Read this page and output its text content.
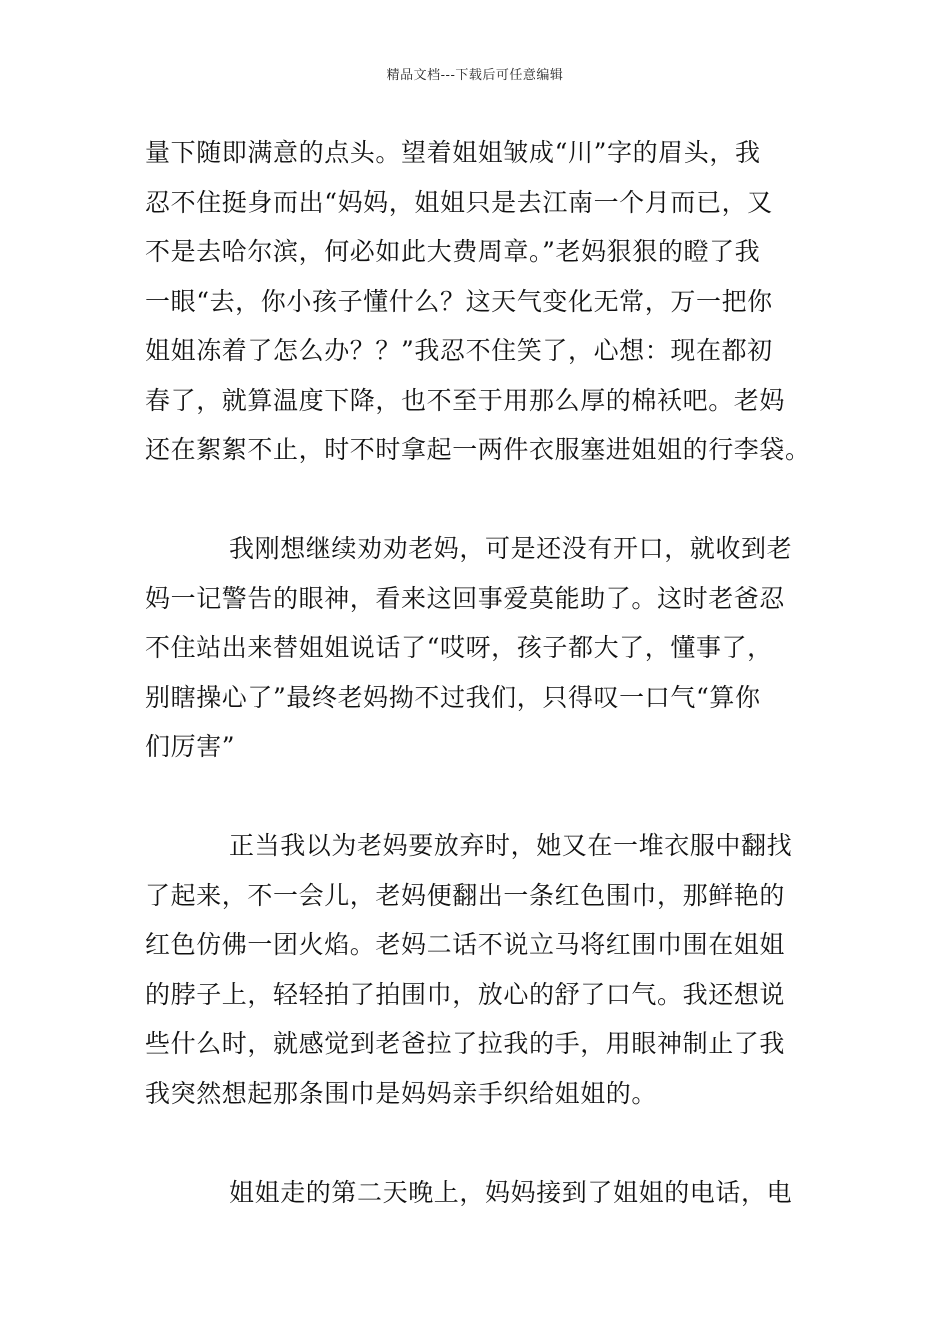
精品文档---下载后可任意编辑
量下随即满意的点头。望着姐姐皱成“川”字的眉头，我
忍不住挺身而出“妈妈，姐姐只是去江南一个月而已，又
不是去哈尔滨，何必如此大费周章。”老妈狠狠的瞪了我
一眼“去，你小孩子懂什么？这天气变化无常，万一把你
姐姐冻着了怎么办？？”我忍不住笑了，心想：现在都初
春了，就算温度下降，也不至于用那么厚的棉袄吧。老妈
还在絮絮不止，时不时拿起一两件衣服塞进姐姐的行李袋。
我刚想继续劝劝老妈，可是还没有开口，就收到老
妈一记警告的眼神，看来这回事爱莫能助了。这时老爸忍
不住站出来替姐姐说话了“哎呀，孩子都大了，懂事了，
别瞎操心了”最终老妈拗不过我们，只得叹一口气“算你
们厉害”
正当我以为老妈要放弃时，她又在一堆衣服中翻找
了起来，不一会儿，老妈便翻出一条红色围巾，那鲜艳的
红色仿佛一团火焰。老妈二话不说立马将红围巾围在姐姐
的脖子上，轻轻拍了拍围巾，放心的舒了口气。我还想说
些什么时，就感觉到老爸拉了拉我的手，用眼神制止了我
我突然想起那条围巾是妈妈亲手织给姐姐的。
姐姐走的第二天晚上，妈妈接到了姐姐的电话，电
